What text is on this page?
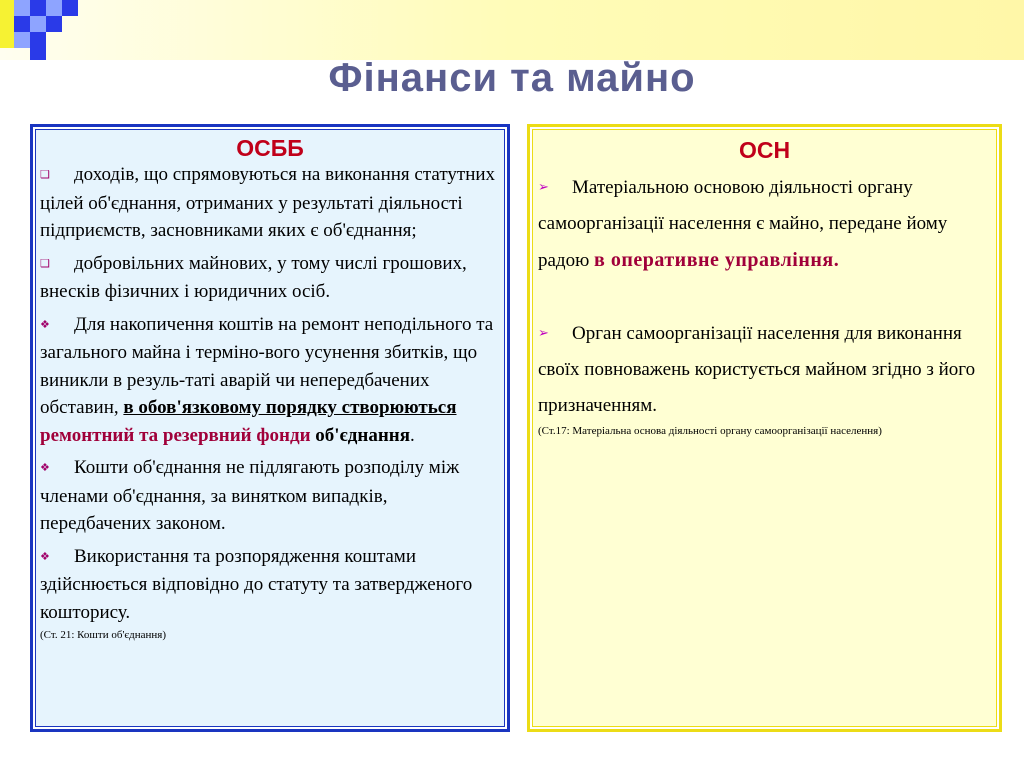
Фінанси та майно
ОСББ
❑ доходів, що спрямовуються на виконання статутних цілей об'єднання, отриманих у результаті діяльності підприємств, засновниками яких є об'єднання;
❑ добровільних майнових, у тому числі грошових, внесків фізичних і юридичних осіб.
❖ Для накопичення коштів на ремонт неподільного та загального майна і терміно-вого усунення збитків, що виникли в резуль-таті аварій чи непередбачених обставин, в обов'язковому порядку створюються ремонтний та резервний фонди об'єднання.
❖ Кошти об'єднання не підлягають розподілу між членами об'єднання, за винятком випадків, передбачених законом.
❖ Використання та розпорядження коштами здійснюється відповідно до статуту та затвердженого кошторису.
(Ст. 21: Кошти об'єднання)
ОСН
➢ Матеріальною основою діяльності органу самоорганізації населення є майно, передане йому радою в оперативне управління.
➢ Орган самоорганізації населення для виконання своїх повноважень користується майном згідно з його призначенням.
(Ст.17: Матеріальна основа діяльності органу самоорганізації населення)
